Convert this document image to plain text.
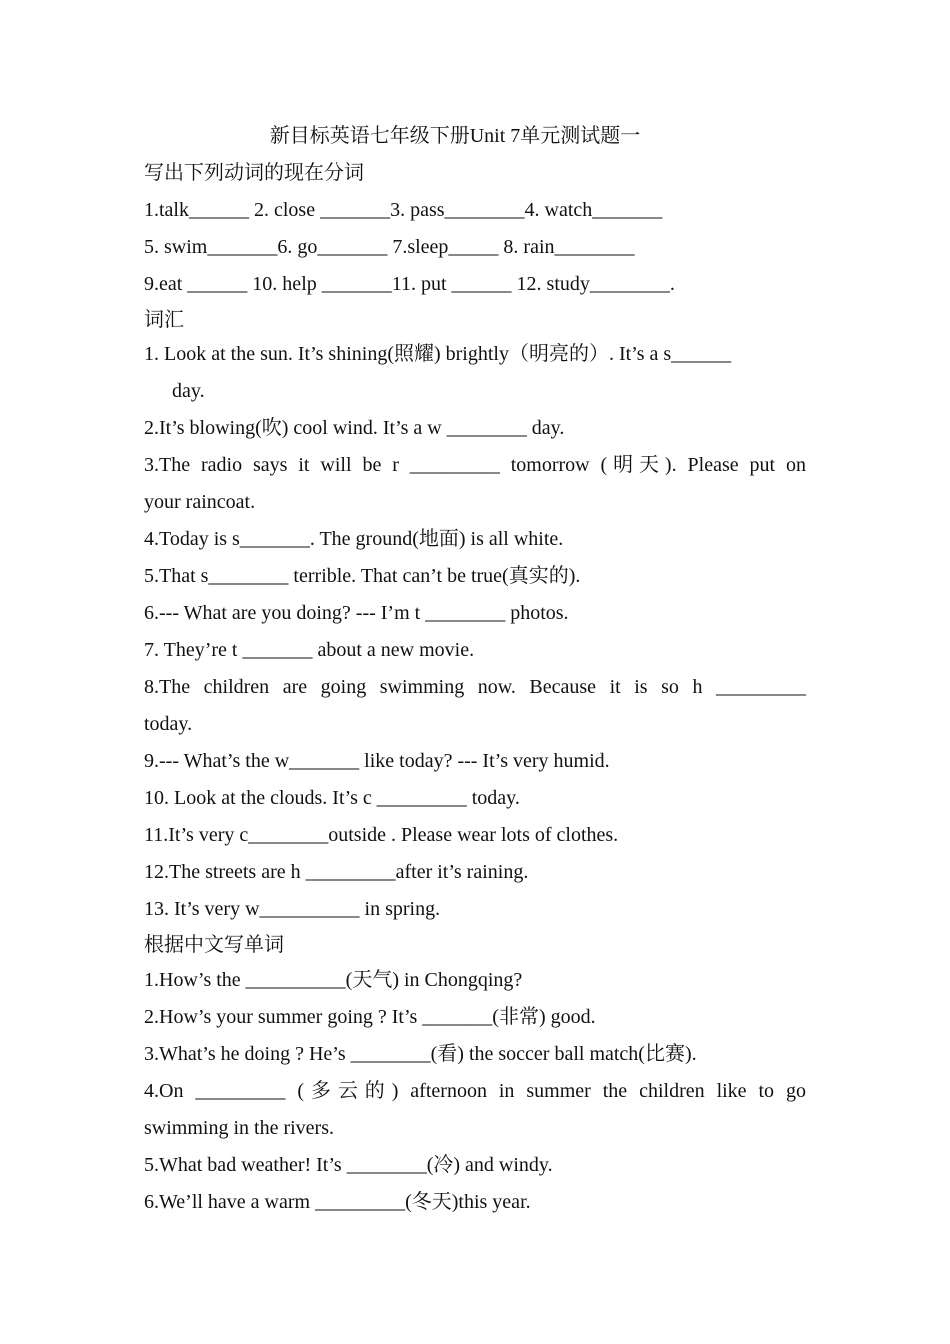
新目标英语七年级下册Unit 7单元测试题一
写出下列动词的现在分词
1.talk______ 2. close _______3. pass________4. watch_______
5. swim_______6. go_______ 7.sleep_____ 8. rain________
9.eat ______ 10. help _______11. put ______ 12. study________.
词汇
1. Look at the sun. It’s shining(照耀) brightly（明亮的）. It’s a s______
day.
2.It’s blowing(吹) cool wind. It’s a w ________ day.
3.The radio says it will be r _________ tomorrow (明天). Please put on
your raincoat.
4.Today is s_______. The ground(地面) is all white.
5.That s________ terrible. That can’t be true(真实的).
6.--- What are you doing? --- I’m t ________ photos.
7. They’re t _______ about a new movie.
8.The children are going swimming now. Because it is so h _________
today.
9.--- What’s the w_______ like today? --- It’s very humid.
10. Look at the clouds. It’s c _________ today.
11.It’s very c________outside . Please wear lots of clothes.
12.The streets are h _________after it’s raining.
13. It’s very w__________ in spring.
根据中文写单词
1.How’s the __________(天气) in Chongqing?
2.How’s your summer going ? It’s _______(非常) good.
3.What’s he doing ? He’s ________(看) the soccer ball match(比赛).
4.On _________ (多云的) afternoon in summer the children like to go
swimming in the rivers.
5.What bad weather! It’s ________(冷) and windy.
6.We’ll have a warm _________(冬天)this year.
